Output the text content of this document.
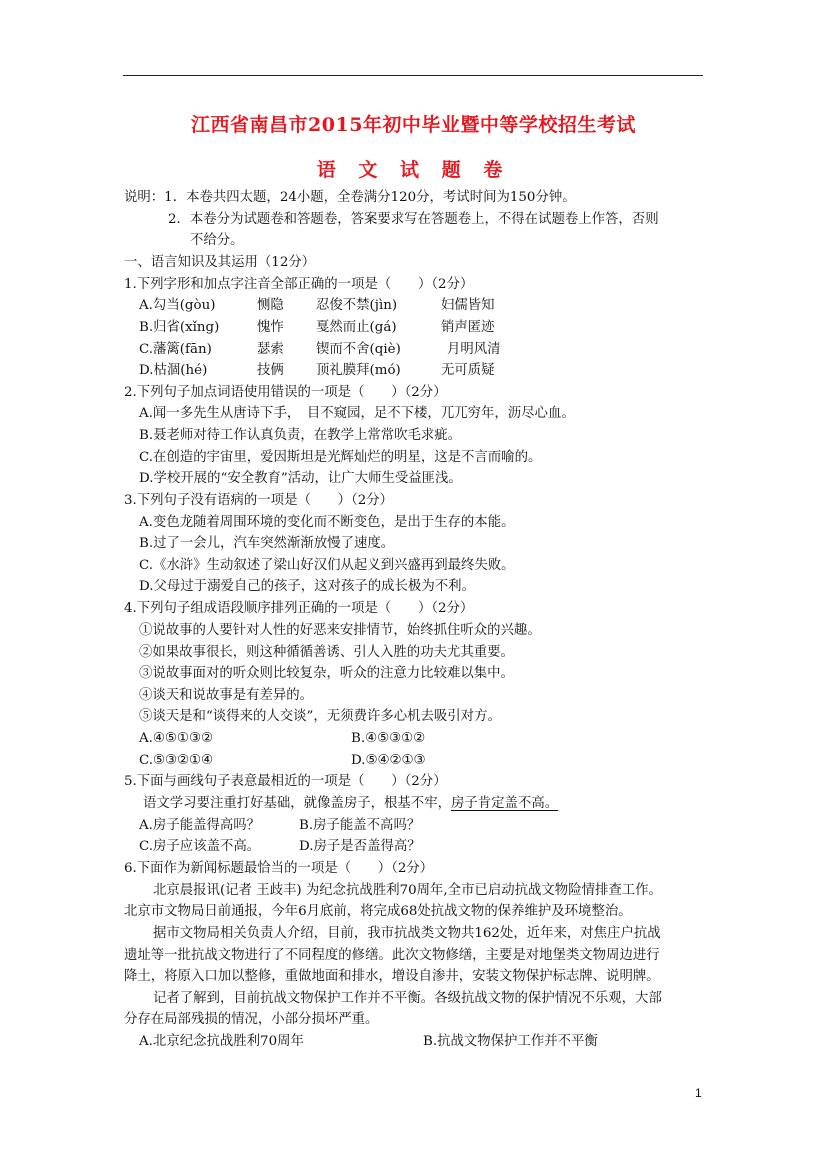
江西省南昌市2015年初中毕业暨中等学校招生考试
语 文 试 题 卷
说明：1．本卷共四太题，24小题，全卷满分120分，考试时间为150分钟。
2．本卷分为试题卷和答题卷，答案要求写在答题卷上，不得在试题卷上作答，否则
不给分。
一、语言知识及其运用（12分）
1.下列字形和加点字注音全部正确的一项是（　　）（2分）
A.勾当(gòu)	恻隐 忍俊不禁(jìn)	妇儒皆知
B.归省(xǐng)	愧怍 戛然而止(gá)	销声匿迹
C.藩篱(fān)	瑟索 锲而不舍(qiè)	月明风清
D.枯涸(hé)	技俩 顶礼膜拜(mó)	无可质疑
2.下列句子加点词语使用错误的一项是（　　）（2分）
A.闻一多先生从唐诗下手，　目不窥园，足不下楼，兀兀穷年，沥尽心血。
B.聂老师对待工作认真负责，在教学上常常吹毛求疵。
C.在创造的宇宙里，爱因斯坦是光辉灿烂的明星，这是不言而喻的。
D.学校开展的“安全教育”活动，让广大师生受益匪浅。
3.下列句子没有语病的一项是（　　）（2分）
A.变色龙随着周围环境的变化而不断变色，是出于生存的本能。
B.过了一会儿，汽车突然渐渐放慢了速度。
C.《水浒》生动叙述了梁山好汉们从起义到兴盛再到最终失败。
D.父母过于溺爱自己的孩子，这对孩子的成长极为不利。
4.下列句子组成语段顺序排列正确的一项是（　　）（2分）
①说故事的人要针对人性的好恶来安排情节，始终抓住听众的兴趣。
②如果故事很长，则这种循循善诱、引人入胜的功夫尤其重要。
③说故事面对的听众则比较复杂，听众的注意力比较难以集中。
④谈天和说故事是有差异的。
⑤谈天是和“谈得来的人交谈”，无须费许多心机去吸引对方。
A.④⑤①③②	B.④⑤③①②
C.⑤③②①④	D.⑤④②①③
5.下面与画线句子表意最相近的一项是（　　）（2分）
语文学习要注重打好基础，就像盖房子，根基不牢，房子肯定盖不高。
A.房子能盖得高吗？	B.房子能盖不高吗？
C.房子应该盖不高。	D.房子是否盖得高？
6.下面作为新闻标题最恰当的一项是（　　）（2分）
北京晨报讯(记者 王歧丰) 为纪念抗战胜利70周年,全市已启动抗战文物险情排查工作。
北京市文物局日前通报，今年6月底前，将完成68处抗战文物的保养维护及环境整治。
据市文物局相关负责人介绍，目前，我市抗战类文物共162处，近年来，对焦庄户抗战
遗址等一批抗战文物进行了不同程度的修缮。此次文物修缮，主要是对地堡类文物周边进行
降土，将原入口加以整修，重做地面和排水，增设自渗井，安装文物保护标志牌、说明牌。
记者了解到，目前抗战文物保护工作并不平衡。各级抗战文物的保护情况不乐观，大部
分存在局部残损的情况，小部分损坏严重。
A.北京纪念抗战胜利70周年	B.抗战文物保护工作并不平衡
1
